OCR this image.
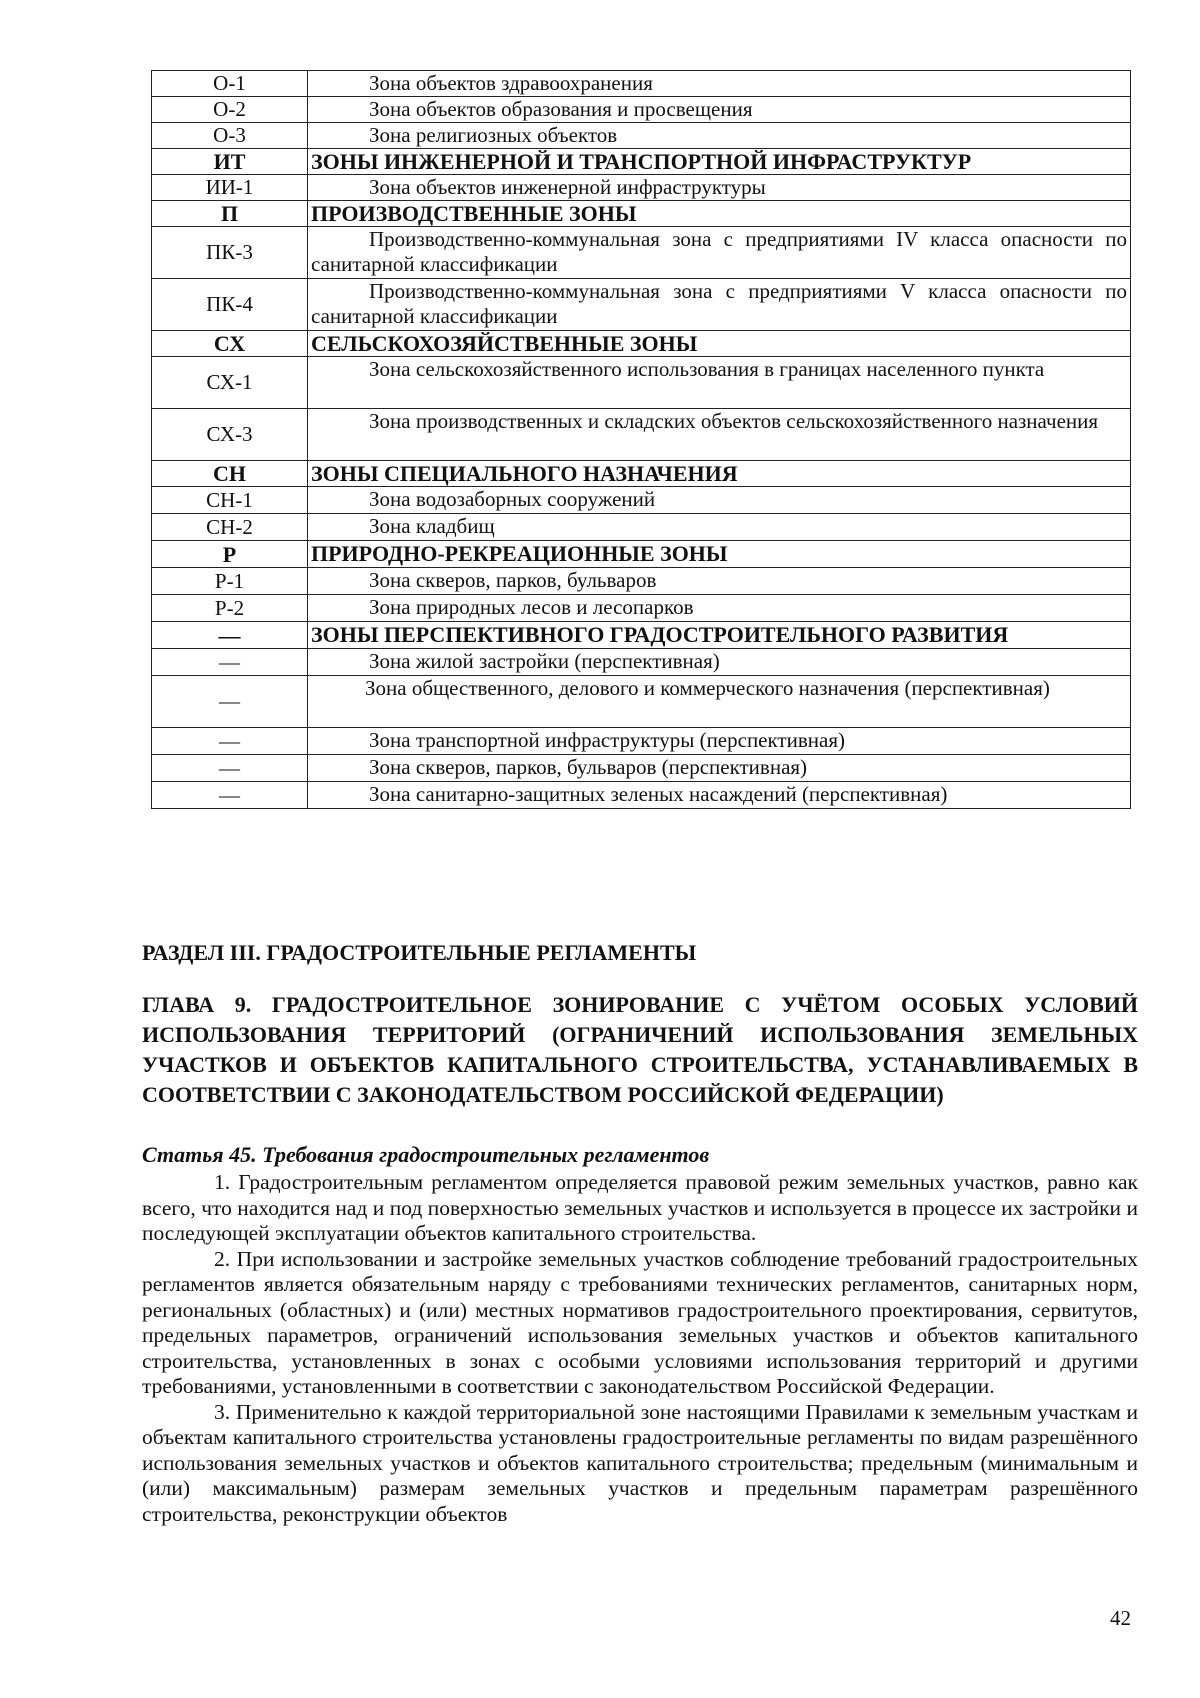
О-1	Зона объектов здравоохранения
О-2	Зона объектов образования и просвещения
О-3	Зона религиозных объектов
ИТ	ЗОНЫ ИНЖЕНЕРНОЙ И ТРАНСПОРТНОЙ ИНФРАСТРУКТУР
ИИ-1	Зона объектов инженерной инфраструктуры
П	ПРОИЗВОДСТВЕННЫЕ ЗОНЫ
ПК-3	Производственно-коммунальная зона с предприятиями IV класса опасности по санитарной классификации
ПК-4	Производственно-коммунальная зона с предприятиями V класса опасности по санитарной классификации
СХ	СЕЛЬСКОХОЗЯЙСТВЕННЫЕ ЗОНЫ
СХ-1	Зона сельскохозяйственного использования в границах населенного пункта
СХ-3	Зона производственных и складских объектов сельскохозяйственного назначения
СН	ЗОНЫ СПЕЦИАЛЬНОГО НАЗНАЧЕНИЯ
СН-1	Зона водозаборных сооружений
СН-2	Зона кладбищ
Р	ПРИРОДНО-РЕКРЕАЦИОННЫЕ ЗОНЫ
Р-1	Зона скверов, парков, бульваров
Р-2	Зона природных лесов и лесопарков
—	ЗОНЫ ПЕРСПЕКТИВНОГО ГРАДОСТРОИТЕЛЬНОГО РАЗВИТИЯ
—	Зона жилой застройки (перспективная)
—	Зона общественного, делового и коммерческого назначения (перспективная)
—	Зона транспортной инфраструктуры (перспективная)
—	Зона скверов, парков, бульваров (перспективная)
—	Зона санитарно-защитных зеленых насаждений (перспективная)
РАЗДЕЛ III. ГРАДОСТРОИТЕЛЬНЫЕ РЕГЛАМЕНТЫ
ГЛАВА 9. ГРАДОСТРОИТЕЛЬНОЕ ЗОНИРОВАНИЕ С УЧЁТОМ ОСОБЫХ УСЛОВИЙ ИСПОЛЬЗОВАНИЯ ТЕРРИТОРИЙ (ОГРАНИЧЕНИЙ ИСПОЛЬЗОВАНИЯ ЗЕМЕЛЬНЫХ УЧАСТКОВ И ОБЪЕКТОВ КАПИТАЛЬНОГО СТРОИТЕЛЬСТВА, УСТАНАВЛИВАЕМЫХ В СООТВЕТСТВИИ С ЗАКОНОДАТЕЛЬСТВОМ РОССИЙСКОЙ ФЕДЕРАЦИИ)
Статья 45. Требования градостроительных регламентов

1. Градостроительным регламентом определяется правовой режим земельных участков, равно как всего, что находится над и под поверхностью земельных участков и используется в процессе их застройки и последующей эксплуатации объектов капитального строительства.

2. При использовании и застройке земельных участков соблюдение требований градостроительных регламентов является обязательным наряду с требованиями технических регламентов, санитарных норм, региональных (областных) и (или) местных нормативов градостроительного проектирования, сервитутов, предельных параметров, ограничений использования земельных участков и объектов капитального строительства, установленных в зонах с особыми условиями использования территорий и другими требованиями, установленными в соответствии с законодательством Российской Федерации.

3. Применительно к каждой территориальной зоне настоящими Правилами к земельным участкам и объектам капитального строительства установлены градостроительные регламенты по видам разрешённого использования земельных участков и объектов капитального строительства; предельным (минимальным и (или) максимальным) размерам земельных участков и предельным параметрам разрешённого строительства, реконструкции объектов

42
